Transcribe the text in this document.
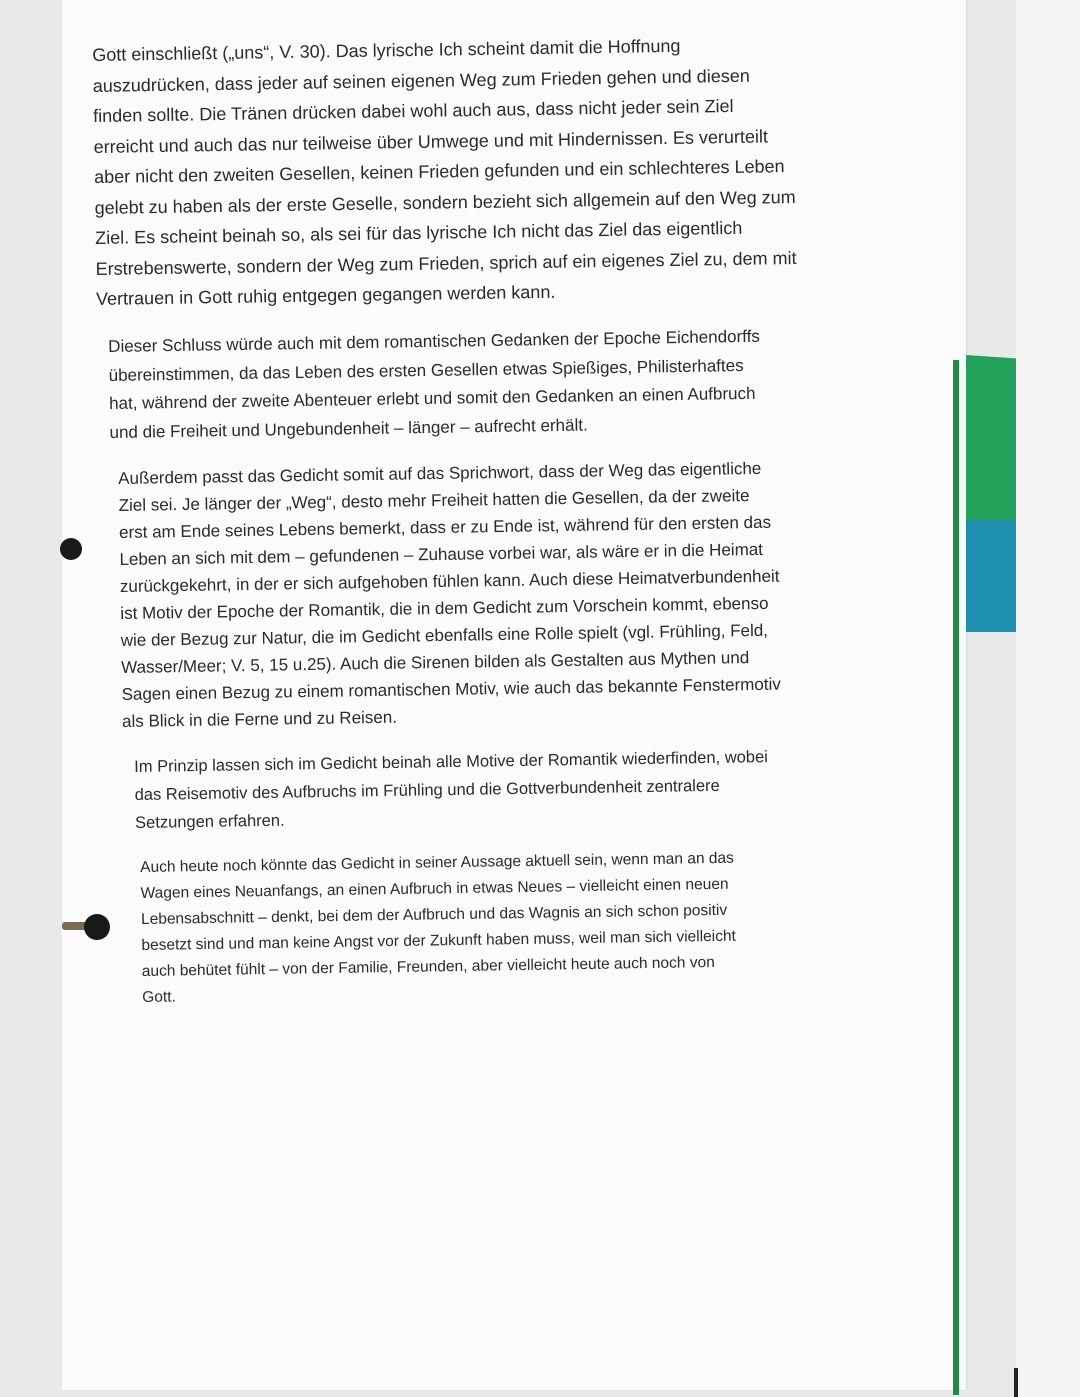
Gott einschließt („uns“, V. 30). Das lyrische Ich scheint damit die Hoffnung
auszudrücken, dass jeder auf seinen eigenen Weg zum Frieden gehen und diesen
finden sollte. Die Tränen drücken dabei wohl auch aus, dass nicht jeder sein Ziel
erreicht und auch das nur teilweise über Umwege und mit Hindernissen. Es verurteilt
aber nicht den zweiten Gesellen, keinen Frieden gefunden und ein schlechteres Leben
gelebt zu haben als der erste Geselle, sondern bezieht sich allgemein auf den Weg zum
Ziel. Es scheint beinah so, als sei für das lyrische Ich nicht das Ziel das eigentlich
Erstrebenswerte, sondern der Weg zum Frieden, sprich auf ein eigenes Ziel zu, dem mit
Vertrauen in Gott ruhig entgegen gegangen werden kann.
Dieser Schluss würde auch mit dem romantischen Gedanken der Epoche Eichendorffs
übereinstimmen, da das Leben des ersten Gesellen etwas Spießiges, Philisterhaftes
hat, während der zweite Abenteuer erlebt und somit den Gedanken an einen Aufbruch
und die Freiheit und Ungebundenheit – länger – aufrecht erhält.
Außerdem passt das Gedicht somit auf das Sprichwort, dass der Weg das eigentliche
Ziel sei. Je länger der „Weg“, desto mehr Freiheit hatten die Gesellen, da der zweite
erst am Ende seines Lebens bemerkt, dass er zu Ende ist, während für den ersten das
Leben an sich mit dem – gefundenen – Zuhause vorbei war, als wäre er in die Heimat
zurückgekehrt, in der er sich aufgehoben fühlen kann. Auch diese Heimatverbundenheit
ist Motiv der Epoche der Romantik, die in dem Gedicht zum Vorschein kommt, ebenso
wie der Bezug zur Natur, die im Gedicht ebenfalls eine Rolle spielt (vgl. Frühling, Feld,
Wasser/Meer; V. 5, 15 u.25). Auch die Sirenen bilden als Gestalten aus Mythen und
Sagen einen Bezug zu einem romantischen Motiv, wie auch das bekannte Fenstermotiv
als Blick in die Ferne und zu Reisen.
Im Prinzip lassen sich im Gedicht beinah alle Motive der Romantik wiederfinden, wobei
das Reisemotiv des Aufbruchs im Frühling und die Gottverbundenheit zentralere
Setzungen erfahren.
Auch heute noch könnte das Gedicht in seiner Aussage aktuell sein, wenn man an das
Wagen eines Neuanfangs, an einen Aufbruch in etwas Neues – vielleicht einen neuen
Lebensabschnitt – denkt, bei dem der Aufbruch und das Wagnis an sich schon positiv
besetzt sind und man keine Angst vor der Zukunft haben muss, weil man sich vielleicht
auch behütet fühlt – von der Familie, Freunden, aber vielleicht heute auch noch von
Gott.
